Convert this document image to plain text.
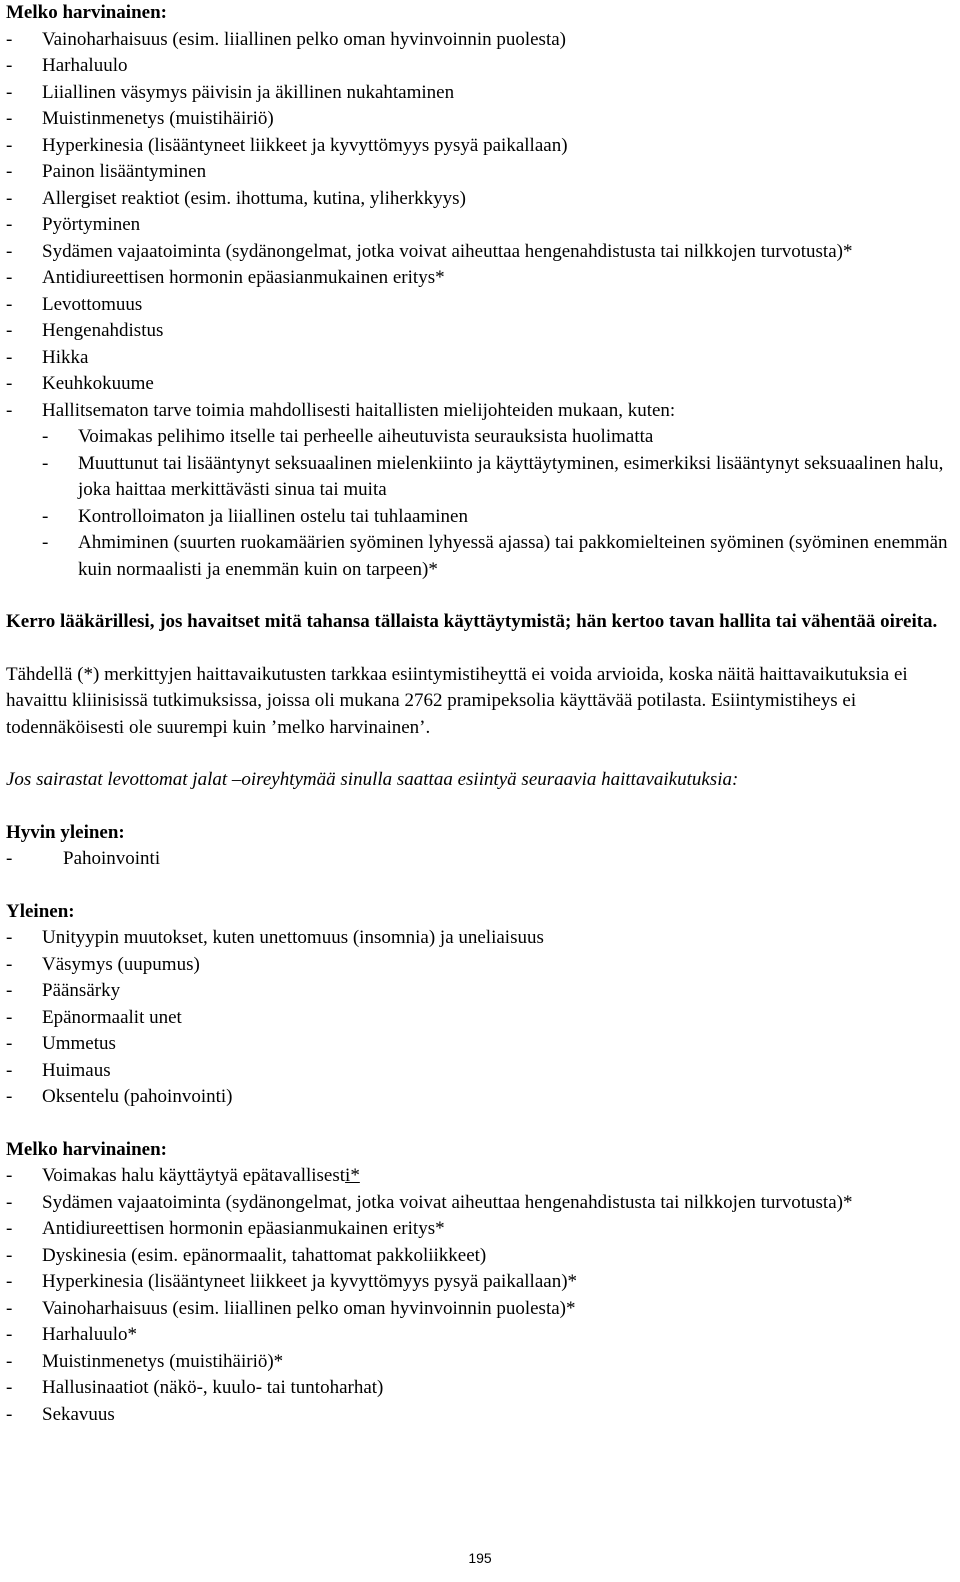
Melko harvinainen:
- Vainoharhaisuus (esim. liiallinen pelko oman hyvinvoinnin puolesta)
- Harhaluulo
- Liiallinen väsymys päivisin ja äkillinen nukahtaminen
- Muistinmenetys (muistihäiriö)
- Hyperkinesia (lisääntyneet liikkeet ja kyvyttömyys pysyä paikallaan)
- Painon lisääntyminen
- Allergiset reaktiot (esim. ihottuma, kutina, yliherkkyys)
- Pyörtyminen
- Sydämen vajaatoiminta (sydänongelmat, jotka voivat aiheuttaa hengenahdistusta tai nilkkojen turvotusta)*
- Antidiureettisen hormonin epäasianmukainen eritys*
- Levottomuus
- Hengenahdistus
- Hikka
- Keuhkokuume
- Hallitsematon tarve toimia mahdollisesti haitallisten mielijohteiden mukaan, kuten:
- Voimakas pelihimo itselle tai perheelle aiheutuvista seurauksista huolimatta
- Muuttunut tai lisääntynyt seksuaalinen mielenkiinto ja käyttäytyminen, esimerkiksi lisääntynyt seksuaalinen halu, joka haittaa merkittävästi sinua tai muita
- Kontrolloimaton ja liiallinen ostelu tai tuhlaaminen
- Ahmiminen (suurten ruokamäärien syöminen lyhyessä ajassa) tai pakkomielteinen syöminen (syöminen enemmän kuin normaalisti ja enemmän kuin on tarpeen)*
Kerro lääkärillesi, jos havaitset mitä tahansa tällaista käyttäytymistä; hän kertoo tavan hallita tai vähentää oireita.
Tähdellä (*) merkittyjen haittavaikutusten tarkkaa esiintymistiheyttä ei voida arvioida, koska näitä haittavaikutuksia ei havaittu kliinisissä tutkimuksissa, joissa oli mukana 2762 pramipeksolia käyttävää potilasta. Esiintymistiheys ei todennäköisesti ole suurempi kuin ’melko harvinainen’.
Jos sairastat levottomat jalat –oireyhtymää sinulla saattaa esiintyä seuraavia haittavaikutuksia:
Hyvin yleinen:
-	Pahoinvointi
Yleinen:
- Unityypin muutokset, kuten unettomuus (insomnia) ja uneliaisuus
- Väsymys (uupumus)
- Päänsärky
- Epänormaalit unet
- Ummetus
- Huimaus
- Oksentelu (pahoinvointi)
Melko harvinainen:
- Voimakas halu käyttäytyä epätavallisesti*
- Sydämen vajaatoiminta (sydänongelmat, jotka voivat aiheuttaa hengenahdistusta tai nilkkojen turvotusta)*
- Antidiureettisen hormonin epäasianmukainen eritys*
- Dyskinesia (esim. epänormaalit, tahattomat pakkoliikkeet)
- Hyperkinesia (lisääntyneet liikkeet ja kyvyttömyys pysyä paikallaan)*
- Vainoharhaisuus (esim. liiallinen pelko oman hyvinvoinnin puolesta)*
- Harhaluulo*
- Muistinmenetys (muistihäiriö)*
- Hallusinaatiot (näkö-, kuulo- tai tuntoharhat)
- Sekavuus
195
